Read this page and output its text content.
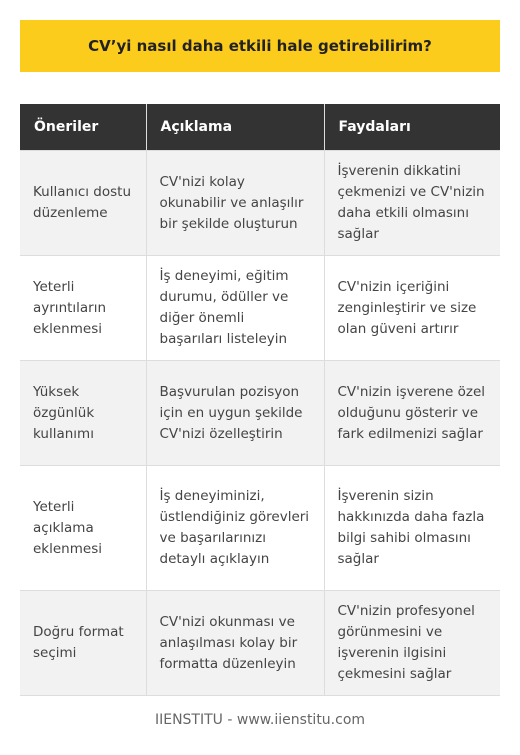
CV’yi nasıl daha etkili hale getirebilirim?
Öneriler	Açıklama	Faydaları
Kullanıcı dostu düzenleme	CV'nizi kolay okunabilir ve anlaşılır bir şekilde oluşturun	İşverenin dikkatini çekmenizi ve CV'nizin daha etkili olmasını sağlar
Yeterli ayrıntıların eklenmesi	İş deneyimi, eğitim durumu, ödüller ve diğer önemli başarıları listeleyin	CV'nizin içeriğini zenginleştirir ve size olan güveni artırır
Yüksek özgünlük kullanımı	Başvurulan pozisyon için en uygun şekilde CV'nizi özelleştirin	CV'nizin işverene özel olduğunu gösterir ve fark edilmenizi sağlar
Yeterli açıklama eklenmesi	İş deneyiminizi, üstlendiğiniz görevleri ve başarılarınızı detaylı açıklayın	İşverenin sizin hakkınızda daha fazla bilgi sahibi olmasını sağlar
Doğru format seçimi	CV'nizi okunması ve anlaşılması kolay bir formatta düzenleyin	CV'nizin profesyonel görünmesini ve işverenin ilgisini çekmesini sağlar
IIENSTITU - www.iienstitu.com
